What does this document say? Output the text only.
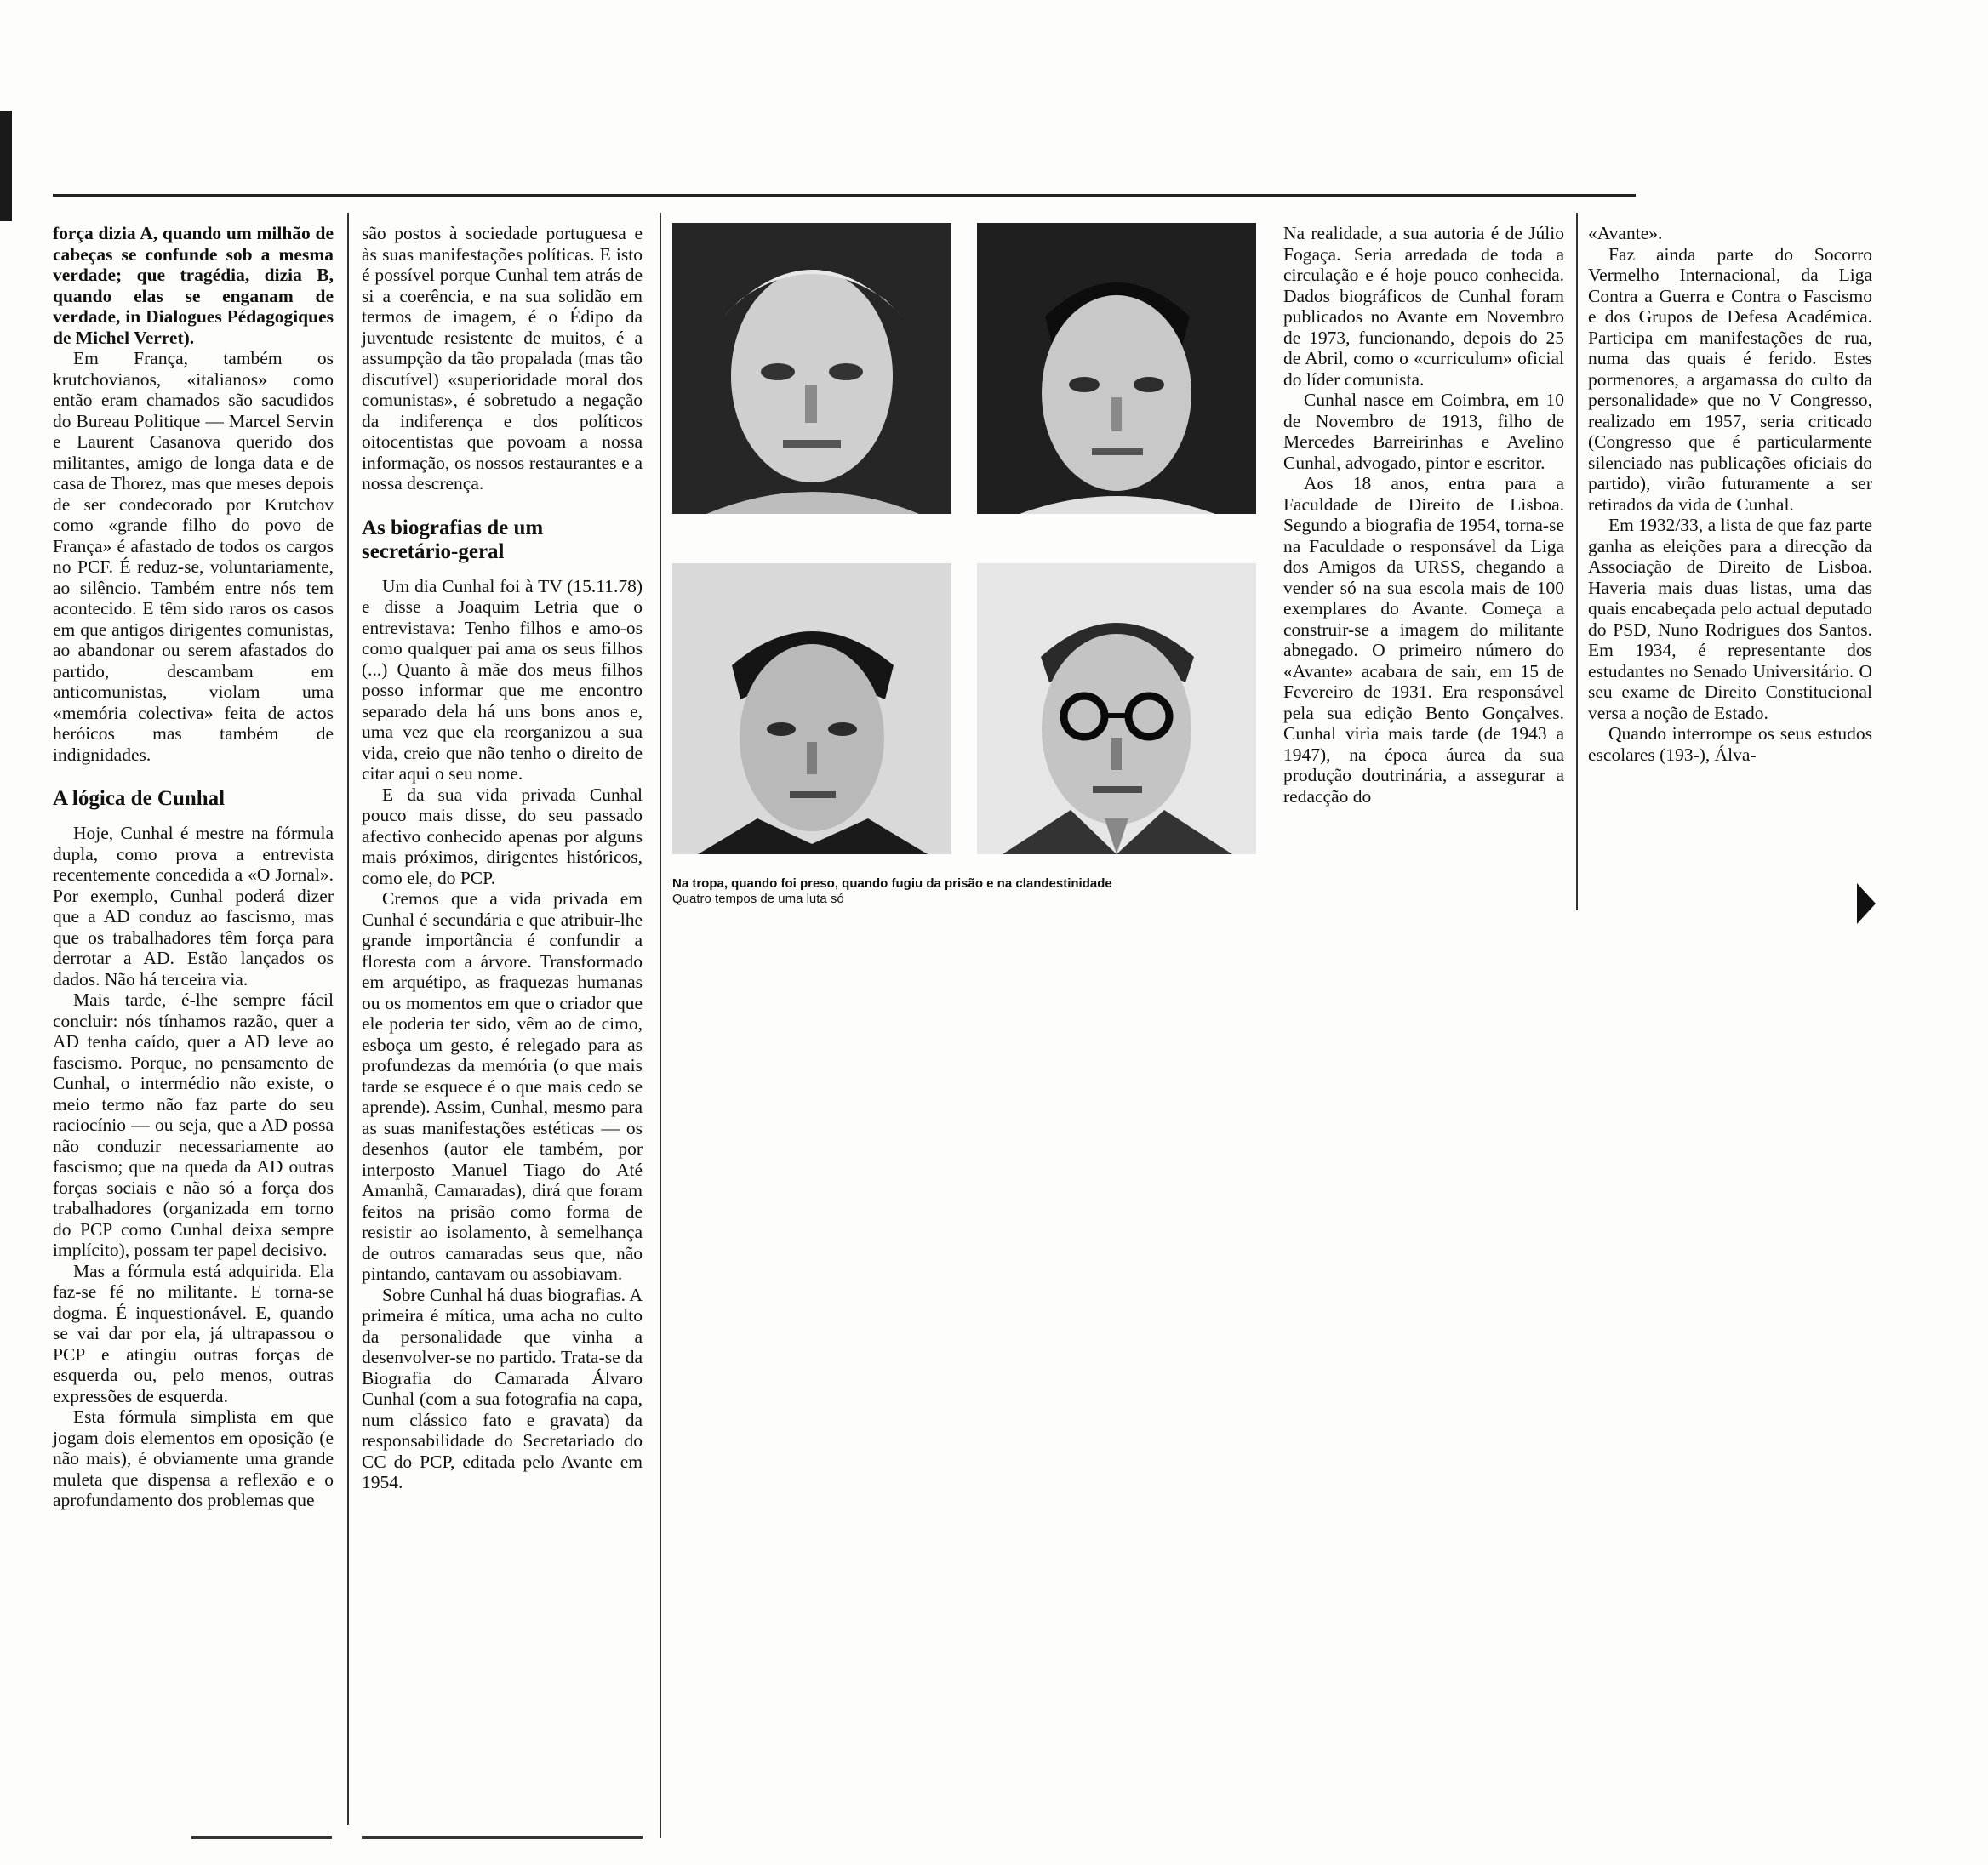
força dizia A, quando um milhão de cabeças se confunde sob a mesma verdade; que tragédia, dizia B, quando elas se enganam de verdade, in Dialogues Pédagogiques de Michel Verret).

Em França, também os krutchovianos, «italianos» como então eram chamados são sacudidos do Bureau Politique — Marcel Servin e Laurent Casanova querido dos militantes, amigo de longa data e de casa de Thorez, mas que meses depois de ser condecorado por Krutchov como «grande filho do povo de França» é afastado de todos os cargos no PCF. É reduz-se, voluntariamente, ao silêncio. Também entre nós tem acontecido. E têm sido raros os casos em que antigos dirigentes comunistas, ao abandonar ou serem afastados do partido, descambam em anticomunistas, violam uma «memória colectiva» feita de actos heróicos mas também de indignidades.

A lógica de Cunhal

Hoje, Cunhal é mestre na fórmula dupla, como prova a entrevista recentemente concedida a «O Jornal». Por exemplo, Cunhal poderá dizer que a AD conduz ao fascismo, mas que os trabalhadores têm força para derrotar a AD. Estão lançados os dados. Não há terceira via.

Mais tarde, é-lhe sempre fácil concluir: nós tínhamos razão, quer a AD tenha caído, quer a AD leve ao fascismo. Porque, no pensamento de Cunhal, o intermédio não existe, o meio termo não faz parte do seu raciocínio — ou seja, que a AD possa não conduzir necessariamente ao fascismo; que na queda da AD outras forças sociais e não só a força dos trabalhadores (organizada em torno do PCP como Cunhal deixa sempre implícito), possam ter papel decisivo.

Mas a fórmula está adquirida. Ela faz-se fé no militante. E torna-se dogma. É inquestionável. E, quando se vai dar por ela, já ultrapassou o PCP e atingiu outras forças de esquerda ou, pelo menos, outras expressões de esquerda.

Esta fórmula simplista em que jogam dois elementos em oposição (e não mais), é obviamente uma grande muleta que dispensa a reflexão e o aprofundamento dos problemas que

são postos à sociedade portuguesa e às suas manifestações políticas. E isto é possível porque Cunhal tem atrás de si a coerência, e na sua solidão em termos de imagem, é o Édipo da juventude resistente de muitos, é a assumpção da tão propalada (mas tão discutível) «superioridade moral dos comunistas», é sobretudo a negação da indiferença e dos políticos oitocentistas que povoam a nossa informação, os nossos restaurantes e a nossa descrença.

As biografias de um secretário-geral

Um dia Cunhal foi à TV (15.11.78) e disse a Joaquim Letria que o entrevistava: Tenho filhos e amo-os como qualquer pai ama os seus filhos (...) Quanto à mãe dos meus filhos posso informar que me encontro separado dela há uns bons anos e, uma vez que ela reorganizou a sua vida, creio que não tenho o direito de citar aqui o seu nome.

E da sua vida privada Cunhal pouco mais disse, do seu passado afectivo conhecido apenas por alguns mais próximos, dirigentes históricos, como ele, do PCP.

Cremos que a vida privada em Cunhal é secundária e que atribuir-lhe grande importância é confundir a floresta com a árvore. Transformado em arquétipo, as fraquezas humanas ou os momentos em que o criador que ele poderia ter sido, vêm ao de cimo, esboça um gesto, é relegado para as profundezas da memória (o que mais tarde se esquece é o que mais cedo se aprende). Assim, Cunhal, mesmo para as suas manifestações estéticas — os desenhos (autor ele também, por interposto Manuel Tiago do Até Amanhã, Camaradas), dirá que foram feitos na prisão como forma de resistir ao isolamento, à semelhança de outros camaradas seus que, não pintando, cantavam ou assobiavam.

Sobre Cunhal há duas biografias. A primeira é mítica, uma acha no culto da personalidade que vinha a desenvolver-se no partido. Trata-se da Biografia do Camarada Álvaro Cunhal (com a sua fotografia na capa, num clássico fato e gravata) da responsabilidade do Secretariado do CC do PCP, editada pelo Avante em 1954.

Na tropa, quando foi preso, quando fugiu da prisão e na clandestinidade
Quatro tempos de uma luta só

Na realidade, a sua autoria é de Júlio Fogaça. Seria arredada de toda a circulação e é hoje pouco conhecida. Dados biográficos de Cunhal foram publicados no Avante em Novembro de 1973, funcionando, depois do 25 de Abril, como o «curriculum» oficial do líder comunista.

Cunhal nasce em Coimbra, em 10 de Novembro de 1913, filho de Mercedes Barreirinhas e Avelino Cunhal, advogado, pintor e escritor.

Aos 18 anos, entra para a Faculdade de Direito de Lisboa. Segundo a biografia de 1954, torna-se na Faculdade o responsável da Liga dos Amigos da URSS, chegando a vender só na sua escola mais de 100 exemplares do Avante. Começa a construir-se a imagem do militante abnegado. O primeiro número do «Avante» acabara de sair, em 15 de Fevereiro de 1931. Era responsável pela sua edição Bento Gonçalves. Cunhal viria mais tarde (de 1943 a 1947), na época áurea da sua produção doutrinária, a assegurar a redacção do

«Avante».

Faz ainda parte do Socorro Vermelho Internacional, da Liga Contra a Guerra e Contra o Fascismo e dos Grupos de Defesa Académica. Participa em manifestações de rua, numa das quais é ferido. Estes pormenores, a argamassa do culto da personalidade» que no V Congresso, realizado em 1957, seria criticado (Congresso que é particularmente silenciado nas publicações oficiais do partido), virão futuramente a ser retirados da vida de Cunhal.

Em 1932/33, a lista de que faz parte ganha as eleições para a direcção da Associação de Direito de Lisboa. Haveria mais duas listas, uma das quais encabeçada pelo actual deputado do PSD, Nuno Rodrigues dos Santos. Em 1934, é representante dos estudantes no Senado Universitário. O seu exame de Direito Constitucional versa a noção de Estado.

Quando interrompe os seus estudos escolares (193-), Álva-
